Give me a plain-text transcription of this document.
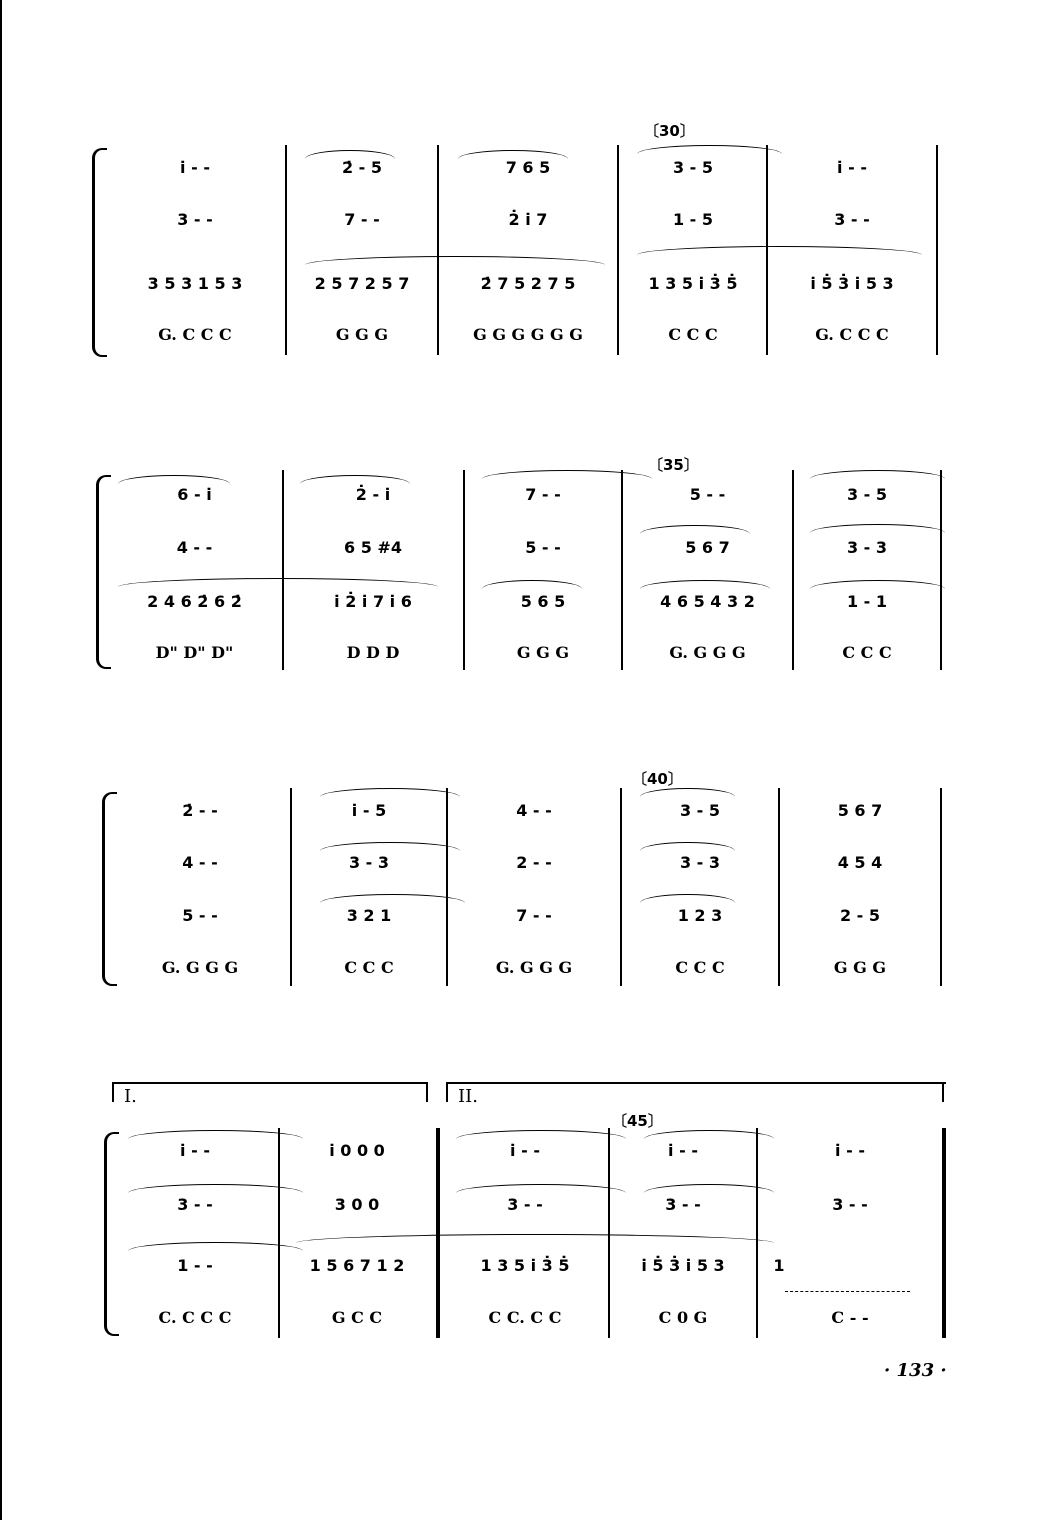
〔30〕
i̇ - -	2̇ - 5	7 6 5	3 - 5	i̇ - -
3 - -	7 - -	2̇ i̇ 7	1 - 5	3 - -
3 5 3 1 5 3	2 5 7 2 5 7	2̇ 7 5 2 7 5	1 3 5 i̇ 3̇ 5̇	i̇ 5̇ 3̇ i̇ 5 3
G. C C C	G G G	G G G G G G	C C C	G. C C C
〔35〕
6 - i̇	2̇ - i̇	7 - -	5 - -	3 - 5
4 - -	6 5 #4	5 - -	5 6 7	3 - 3
2 4 6 2̇ 6 2̇	i̇ 2̇ i̇ 7 i̇ 6	5 6 5	4 6 5 4 3 2	1 - 1
D" D" D"	D D D	G G G	G. G G G	C C C
〔40〕
2̇ - -	i̇ - 5	4 - -	3 - 5	5 6 7
4 - -	3 - 3	2 - -	3 - 3	4 5 4
5 - -	3 2 1	7 - -	1 2 3	2 - 5
G. G G G	C C C	G. G G G	C C C	G G G
I.	II.
〔45〕
i̇ - -	i̇ 0 0 0	i̇ - -	i̇ - -	i̇ - -
3 - -	3 0 0	3 - -	3 - -	3 - -
1 - -	1 5 6 7 1 2	1 3 5 i̇ 3̇ 5̇	i̇ 5̇ 3̇ i̇ 5 3	1
C. C C C	G C C	C C. C C	C 0 G	C - -
· 133 ·
